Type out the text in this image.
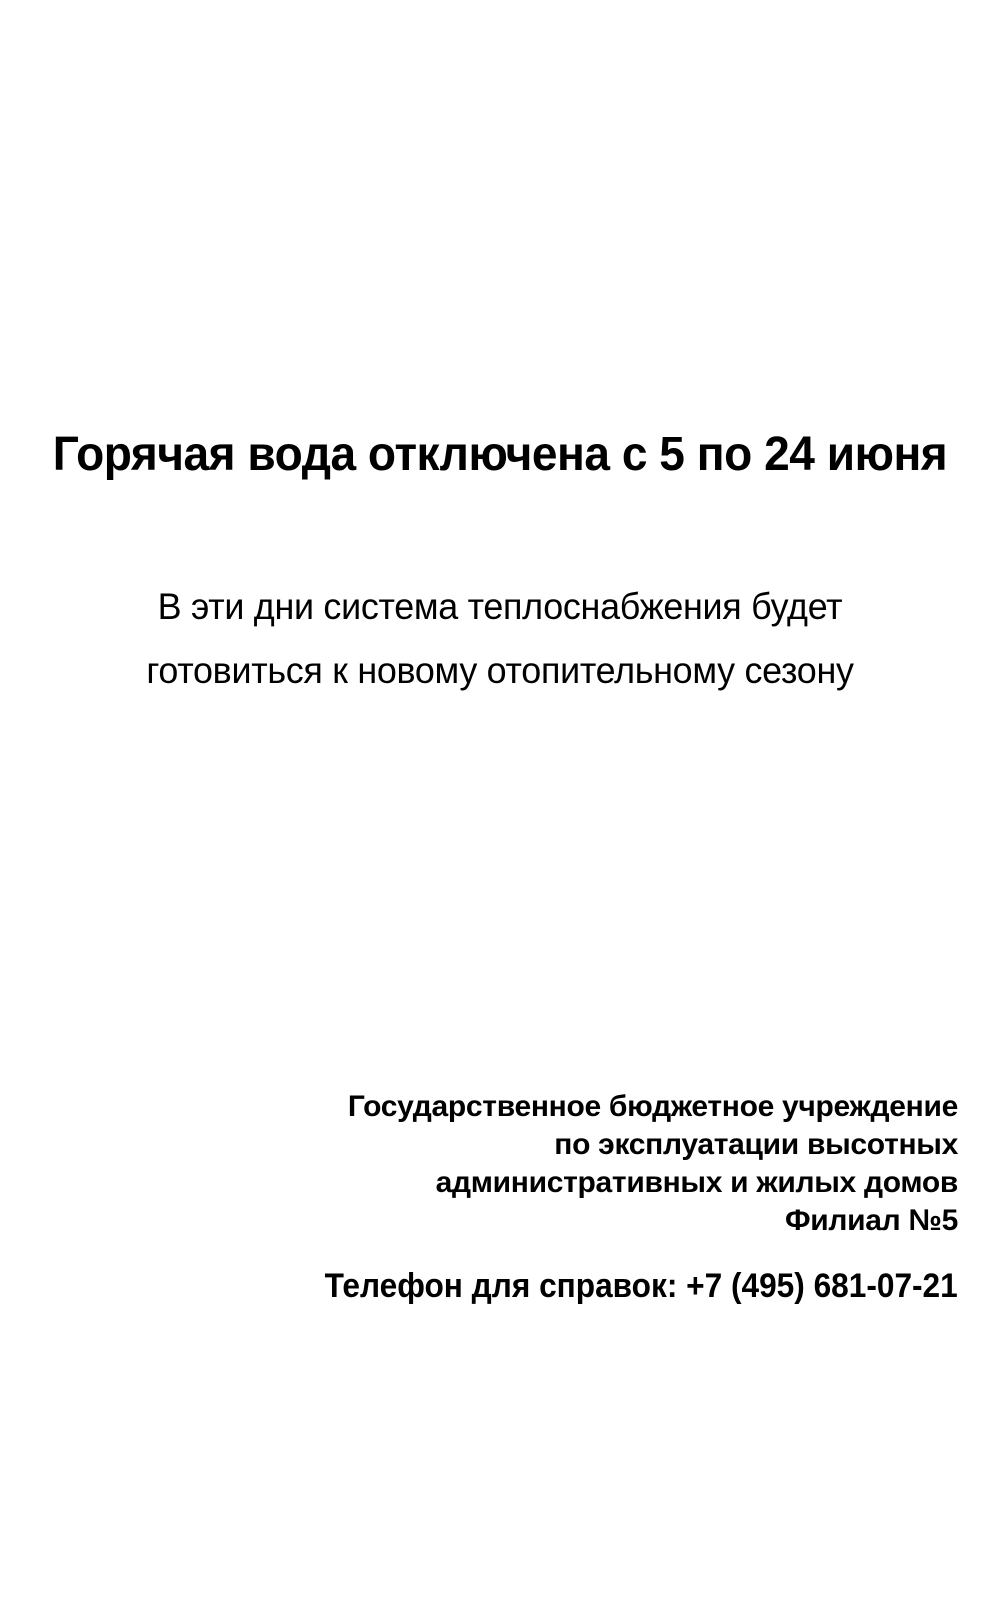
Горячая вода отключена с 5 по 24 июня
В эти дни система теплоснабжения будет
готовиться к новому отопительному сезону
Государственное бюджетное учреждение
по эксплуатации высотных
административных и жилых домов
Филиал №5
Телефон для справок: +7 (495) 681-07-21
